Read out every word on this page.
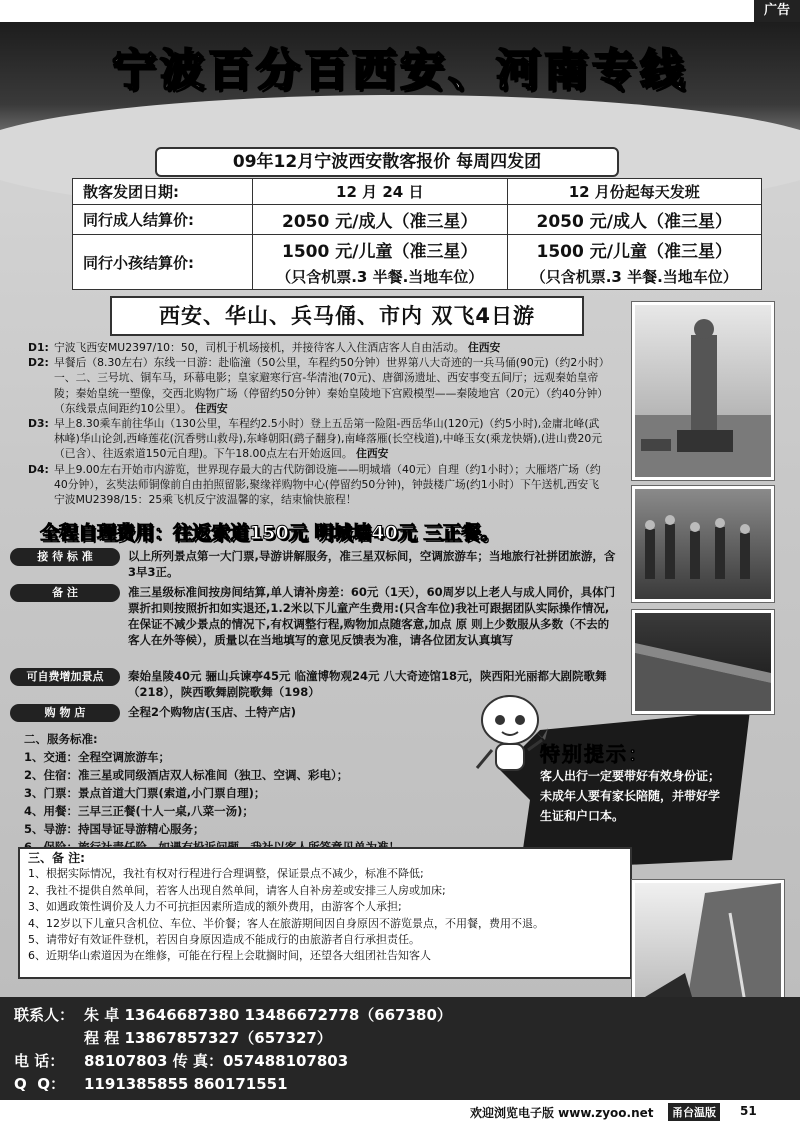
广告
宁波百分百西安、河南专线
09年12月宁波西安散客报价 每周四发团
散客发团日期:	12 月 24 日	12 月份起每天发班
同行成人结算价:	2050 元/成人（准三星）	2050 元/成人（准三星）
同行小孩结算价:	1500 元/儿童（准三星）	1500 元/儿童（准三星）
	（只含机票.3 半餐.当地车位）	（只含机票.3 半餐.当地车位）
西安、华山、兵马俑、市内 双飞4日游
D1: 宁波飞西安MU2397/10：50，司机于机场接机，并接待客人入住酒店客人自由活动。 住西安
D2: 早餐后（8.30左右）东线一日游：赴临潼（50公里，车程约50分钟）世界第八大奇迹的一兵马俑(90元)（约2小时）一、二、三号坑、铜车马，环幕电影；皇家避寒行宫-华清池(70元)、唐御汤遗址、西安事变五间厅；远观秦始皇帝陵；秦始皇统一塑像，交西北购物广场（停留约50分钟）秦始皇陵地下宫殿模型——秦陵地宫（20元）（约40分钟）（东线景点间距约10公里）。 住西安
D3: 早上8.30乘车前往华山（130公里，车程约2.5小时）登上五岳第一险阻-西岳华山(120元)（约5小时),金庸北峰(武林峰)华山论剑,西峰莲花(沉香劈山救母),东峰朝阳(鹞子翻身),南峰落雁(长空栈道),中峰玉女(乘龙快婿),(进山费20元（已含）、往返索道150元自理)。下午18.00点左右开始返回。 住西安
D4: 早上9.00左右开始市内游览，世界现存最大的古代防御设施——明城墙（40元）自理（约1小时）；大雁塔广场（约40分钟），玄奘法师铜像前自由拍照留影,聚缘祥购物中心(停留约50分钟)，钟鼓楼广场(约1小时）下午送机,西安飞宁波MU2398/15：25乘飞机反宁波温馨的家，结束愉快旅程！
全程自理费用：往返索道150元 明城墙40元 三正餐。
接 待 标 准	以上所列景点第一大门票,导游讲解服务，准三星双标间，空调旅游车；当地旅行社拼团旅游，含3早3正。
备 注	准三星级标准间按房间结算,单人请补房差：60元（1天），60周岁以上老人与成人同价，具体门票折扣则按照折扣如实退还,1.2米以下儿童产生费用:(只含车位)我社可跟据团队实际操作情况,在保证不减少景点的情况下,有权调整行程,购物加点随客意,加点 原 则上少数服从多数（不去的客人在外等候），质量以在当地填写的意见反馈表为准，请各位团友认真填写
可自费增加景点	秦始皇陵40元 骊山兵谏亭45元 临潼博物观24元 八大奇迹馆18元，陕西阳光丽都大剧院歌舞（218），陕西歌舞剧院歌舞（198）
购 物 店	全程2个购物店(玉店、土特产店)
二、服务标准:
1、交通：全程空调旅游车；
2、住宿：准三星或同级酒店双人标准间（独卫、空调、彩电）；
3、门票：景点首道大门票(索道,小门票自理)；
4、用餐：三早三正餐(十人一桌,八菜一汤)；
5、导游：持国导证导游精心服务；
特别提示：
客人出行一定要带好有效身份证；未成年人要有家长陪随，并带好学生证和户口本。
三、备 注:
1、根据实际情况，我社有权对行程进行合理调整，保证景点不减少，标准不降低;
2、我社不提供自然单间，若客人出现自然单间，请客人自补房差或安排三人房或加床;
3、如遇政策性调价及人力不可抗拒因素所造成的额外费用，由游客个人承担;
4、12岁以下儿童只含机位、车位、半价餐；客人在旅游期间因自身原因不游览景点，不用餐，费用不退。
5、请带好有效证件登机，若因自身原因造成不能成行的由旅游者自行承担责任。
6、近期华山索道因为在维修，可能在行程上会耽搁时间，还望各大组团社告知客人
联系人： 朱 卓 13646687380 13486672778（667380）

程 程 13867857327（657327）
电 话：	88107803 传 真：057488107803
Q  Q：	1191385855 860171551
欢迎浏览电子版 www.zyoo.net	甬台温版	51
